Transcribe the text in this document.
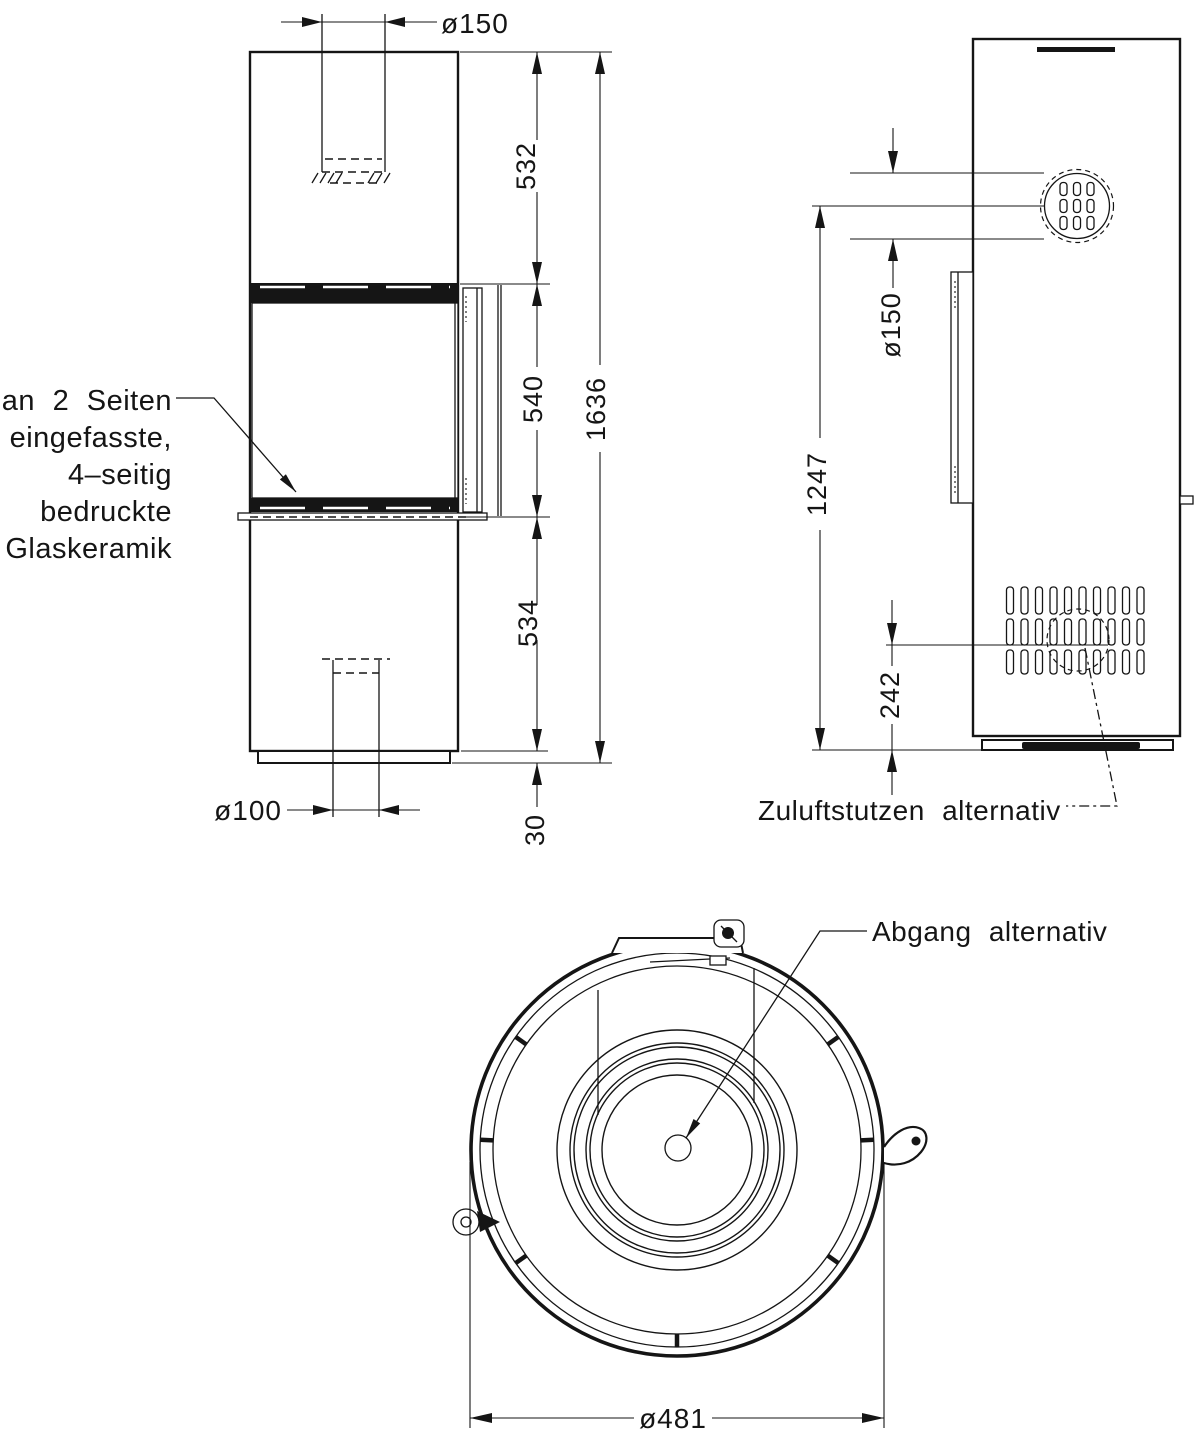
ø150
ø100
532
540
534
30
1636
an 2 Seiten
eingefasste,
4–seitig
bedruckte
Glaskeramik
ø150
1247
242
Zuluftstutzen alternativ
Abgang alternativ
ø481
